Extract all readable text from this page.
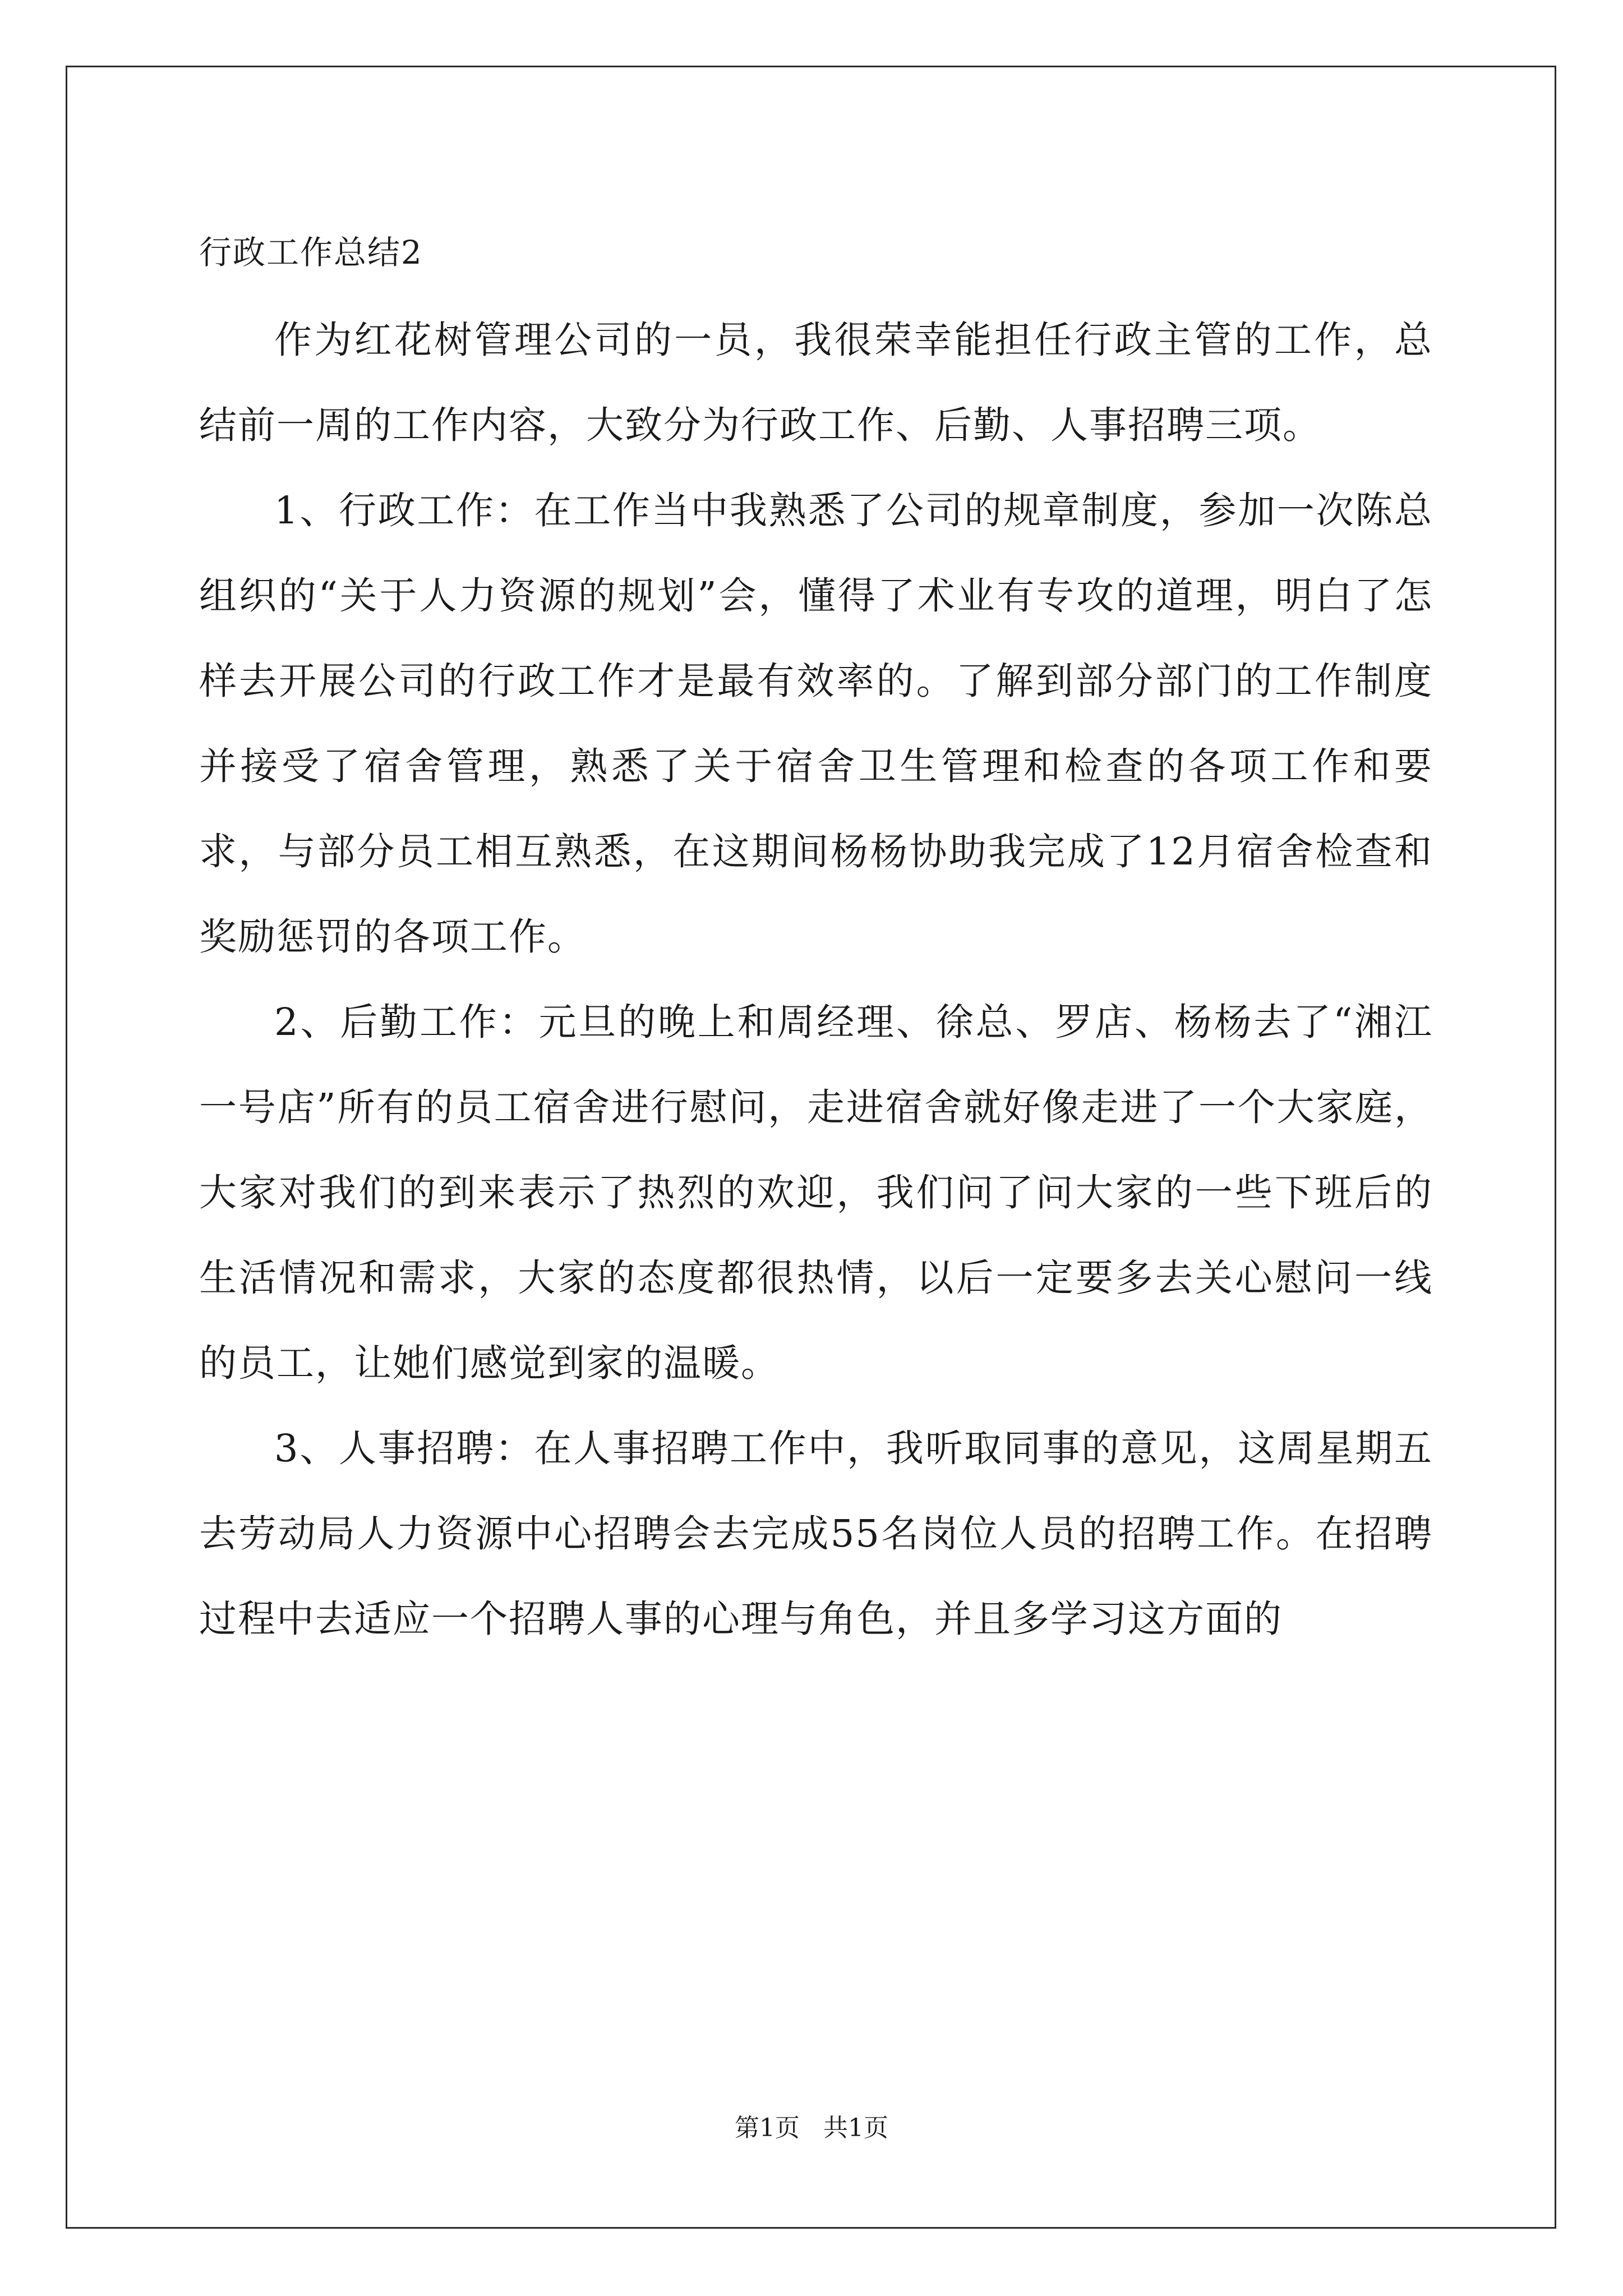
行政工作总结2

作为红花树管理公司的一员，我很荣幸能担任行政主管的工作，总结前一周的工作内容，大致分为行政工作、后勤、人事招聘三项。

1、行政工作：在工作当中我熟悉了公司的规章制度，参加一次陈总组织的“关于人力资源的规划”会，懂得了术业有专攻的道理，明白了怎样去开展公司的行政工作才是最有效率的。了解到部分部门的工作制度并接受了宿舍管理，熟悉了关于宿舍卫生管理和检查的各项工作和要求，与部分员工相互熟悉，在这期间杨杨协助我完成了12月宿舍检查和奖励惩罚的各项工作。

2、后勤工作：元旦的晚上和周经理、徐总、罗店、杨杨去了“湘江一号店”所有的员工宿舍进行慰问，走进宿舍就好像走进了一个大家庭，大家对我们的到来表示了热烈的欢迎，我们问了问大家的一些下班后的生活情况和需求，大家的态度都很热情，以后一定要多去关心慰问一线的员工，让她们感觉到家的温暖。

3、人事招聘：在人事招聘工作中，我听取同事的意见，这周星期五去劳动局人力资源中心招聘会去完成55名岗位人员的招聘工作。在招聘过程中去适应一个招聘人事的心理与角色，并且多学习这方面的

第1页   共1页
